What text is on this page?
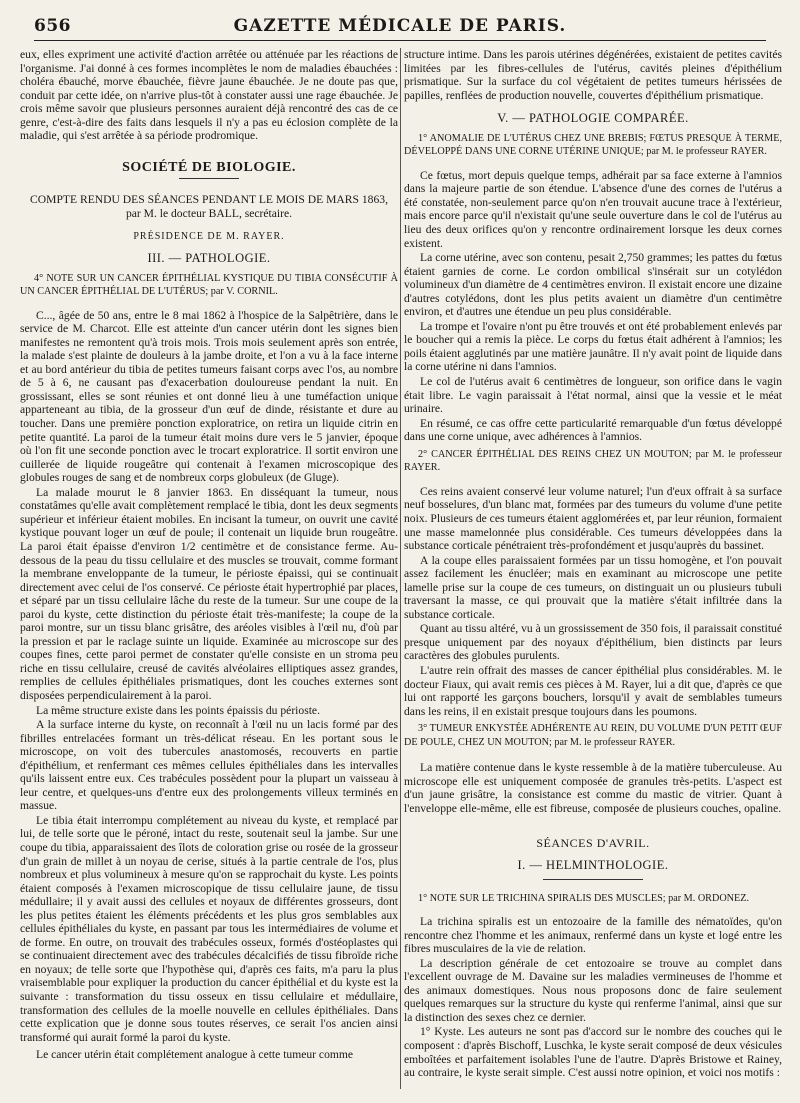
656	GAZETTE MÉDICALE DE PARIS.

eux, elles expriment une activité d'action arrêtée ou atténuée par les réactions de l'organisme. J'ai donné à ces formes incomplètes le nom de maladies ébauchées : choléra ébauché, morve ébauchée, fièvre jaune ébauchée. Je ne doute pas que, conduit par cette idée, on n'arrive plus-tôt à constater aussi une rage ébauchée. Je crois même savoir que plusieurs personnes auraient déjà rencontré des cas de ce genre, c'est-à-dire des faits dans lesquels il n'y a pas eu éclosion complète de la maladie, qui s'est arrêtée à sa période prodromique.

SOCIÉTÉ DE BIOLOGIE.
COMPTE RENDU DES SÉANCES PENDANT LE MOIS DE MARS 1863,
par M. le docteur BALL, secrétaire.
PRÉSIDENCE DE M. RAYER.
III. — PATHOLOGIE.

4° NOTE SUR UN CANCER ÉPITHÉLIAL KYSTIQUE DU TIBIA CONSÉCUTIF À UN CANCER ÉPITHÉLIAL DE L'UTÉRUS; par V. CORNIL.

C..., âgée de 50 ans, entre le 8 mai 1862 à l'hospice de la Salpêtrière, dans le service de M. Charcot. Elle est atteinte d'un cancer utérin dont les signes bien manifestes ne remontent qu'à trois mois. Trois mois seulement après son entrée, la malade s'est plainte de douleurs à la jambe droite, et l'on a vu à la face interne et au bord antérieur du tibia de petites tumeurs faisant corps avec l'os, au nombre de 5 à 6, ne causant pas d'exacerbation douloureuse pendant la nuit. En grossissant, elles se sont réunies et ont donné lieu à une tuméfaction unique apparteneant au tibia, de la grosseur d'un œuf de dinde, résistante et dure au toucher. Dans une première ponction exploratrice, on retira un liquide citrin en petite quantité. La paroi de la tumeur était moins dure vers le 5 janvier, époque où l'on fit une seconde ponction avec le trocart exploratrice. Il sortit environ une cuillerée de liquide rougeâtre qui contenait à l'examen microscopique des globules rouges de sang et de nombreux corps globuleux (de Gluge).

La malade mourut le 8 janvier 1863. En disséquant la tumeur, nous constatâmes qu'elle avait complètement remplacé le tibia, dont les deux segments supérieur et inférieur étaient mobiles. En incisant la tumeur, on ouvrit une cavité kystique pouvant loger un œuf de poule; il contenait un liquide brun rougeâtre. La paroi était épaisse d'environ 1/2 centimètre et de consistance ferme. Au-dessous de la peau du tissu cellulaire et des muscles se trouvait, comme formant la membrane enveloppante de la tumeur, le périoste épaissi, qui se continuait directement avec celui de l'os conservé. Ce périoste était hypertrophié par places, et séparé par un tissu cellulaire lâche du reste de la tumeur. Sur une coupe de la paroi du kyste, cette distinction du périoste était très-manifeste; la coupe de la paroi montre, sur un tissu blanc grisâtre, des aréoles visibles à l'œil nu, d'où par la pression et par le raclage suinte un liquide. Examinée au microscope sur des coupes fines, cette paroi permet de constater qu'elle consiste en un stroma peu riche en tissu cellulaire, creusé de cavités alvéolaires elliptiques assez grandes, remplies de cellules épithéliales prismatiques, dont les couches externes sont disposées perpendiculairement à la paroi.

La même structure existe dans les points épaissis du périoste.

A la surface interne du kyste, on reconnaît à l'œil nu un lacis formé par des fibrilles entrelacées formant un très-délicat réseau. En les portant sous le microscope, on voit des tubercules anastomosés, recouverts en partie d'épithélium, et renfermant ces mêmes cellules épithéliales dans les intervalles qu'ils laissent entre eux. Ces trabécules possèdent pour la plupart un vaisseau à leur centre, et quelques-uns d'entre eux des prolongements villeux terminés en massue.

Le tibia était interrompu complétement au niveau du kyste, et remplacé par lui, de telle sorte que le péroné, intact du reste, soutenait seul la jambe. Sur une coupe du tibia, apparaissaient des îlots de coloration grise ou rosée de la grosseur d'un grain de millet à un noyau de cerise, situés à la partie centrale de l'os, plus nombreux et plus volumineux à mesure qu'on se rapprochait du kyste. Les points étaient composés à l'examen microscopique de tissu cellulaire jaune, de tissu médullaire; il y avait aussi des cellules et noyaux de différentes grosseurs, dont les plus petites étaient les éléments précédents et les plus gros semblables aux cellules épithéliales du kyste, en passant par tous les intermédiaires de volume et de forme. En outre, on trouvait des trabécules osseux, formés d'ostéoplastes qui se continuaient directement avec des trabécules décalcifiés de tissu fibroïde riche en noyaux; de telle sorte que l'hypothèse qui, d'après ces faits, m'a paru la plus vraisemblable pour expliquer la production du cancer épithélial et du kyste est la suivante : transformation du tissu osseux en tissu cellulaire et médullaire, transformation des cellules de la moelle nouvelle en cellules épithéliales. Dans cette explication que je donne sous toutes réserves, ce serait l'os ancien ainsi transformé qui aurait formé la paroi du kyste.

Le cancer utérin était complétement analogue à cette tumeur comme

structure intime. Dans les parois utérines dégénérées, existaient de petites cavités limitées par les fibres-cellules de l'utérus, cavités pleines d'épithélium prismatique. Sur la surface du col végétaient de petites tumeurs hérissées de papilles, renflées de production nouvelle, couvertes d'épithélium prismatique.

V. — PATHOLOGIE COMPARÉE.

1° ANOMALIE DE L'UTÉRUS CHEZ UNE BREBIS; FŒTUS PRESQUE À TERME, DÉVELOPPÉ DANS UNE CORNE UTÉRINE UNIQUE; par M. le professeur RAYER.

Ce fœtus, mort depuis quelque temps, adhérait par sa face externe à l'amnios dans la majeure partie de son étendue. L'absence d'une des cornes de l'utérus a été constatée, non-seulement parce qu'on n'en trouvait aucune trace à l'extérieur, mais encore parce qu'il n'existait qu'une seule ouverture dans le col de l'utérus au lieu des deux orifices qu'on y rencontre ordinairement lorsque les deux cornes existent.

La corne utérine, avec son contenu, pesait 2,750 grammes; les pattes du fœtus étaient garnies de corne. Le cordon ombilical s'insérait sur un cotylédon volumineux d'un diamètre de 4 centimètres environ. Il existait encore une dizaine d'autres cotylédons, dont les plus petits avaient un diamètre d'un centimètre environ, et d'autres une étendue un peu plus considérable.

La trompe et l'ovaire n'ont pu être trouvés et ont été probablement enlevés par le boucher qui a remis la pièce. Le corps du fœtus était adhérent à l'amnios; les poils étaient agglutinés par une matière jaunâtre. Il n'y avait point de liquide dans la corne utérine ni dans l'amnios.

Le col de l'utérus avait 6 centimètres de longueur, son orifice dans le vagin était libre. Le vagin paraissait à l'état normal, ainsi que la vessie et le méat urinaire.

En résumé, ce cas offre cette particularité remarquable d'un fœtus développé dans une corne unique, avec adhérences à l'amnios.

2° CANCER ÉPITHÉLIAL DES REINS CHEZ UN MOUTON; par M. le professeur RAYER.

Ces reins avaient conservé leur volume naturel; l'un d'eux offrait à sa surface neuf bosselures, d'un blanc mat, formées par des tumeurs du volume d'une petite noix. Plusieurs de ces tumeurs étaient agglomérées et, par leur réunion, formaient une masse mamelonnée plus considérable. Ces tumeurs développées dans la substance corticale pénétraient très-profondément et jusqu'auprès du bassinet.

A la coupe elles paraissaient formées par un tissu homogène, et l'on pouvait assez facilement les énucléer; mais en examinant au microscope une petite lamelle prise sur la coupe de ces tumeurs, on distinguait un ou plusieurs tubuli traversant la masse, ce qui prouvait que la matière s'était infiltrée dans la substance corticale.

Quant au tissu altéré, vu à un grossissement de 350 fois, il paraissait constitué presque uniquement par des noyaux d'épithélium, bien distincts par leurs caractères des globules purulents.

L'autre rein offrait des masses de cancer épithélial plus considérables. M. le docteur Fiaux, qui avait remis ces pièces à M. Rayer, lui a dit que, d'après ce que lui ont rapporté les garçons bouchers, lorsqu'il y avait de semblables tumeurs dans les reins, il en existait presque toujours dans les poumons.

3° TUMEUR ENKYSTÉE ADHÉRENTE AU REIN, DU VOLUME D'UN PETIT ŒUF DE POULE, CHEZ UN MOUTON; par M. le professeur RAYER.

La matière contenue dans le kyste ressemble à de la matière tuberculeuse. Au microscope elle est uniquement composée de granules très-petits. L'aspect est d'un jaune grisâtre, la consistance est comme du mastic de vitrier. Quant à l'enveloppe elle-même, elle est fibreuse, composée de plusieurs couches, opaline.

SÉANCES D'AVRIL.
I. — HELMINTHOLOGIE.

1° NOTE SUR LE TRICHINA SPIRALIS DES MUSCLES; par M. ORDONEZ.

La trichina spiralis est un entozoaire de la famille des nématoïdes, qu'on rencontre chez l'homme et les animaux, renfermé dans un kyste et logé entre les fibres musculaires de la vie de relation.

La description générale de cet entozoaire se trouve au complet dans l'excellent ouvrage de M. Davaine sur les maladies vermineuses de l'homme et des animaux domestiques. Nous nous proposons donc de faire seulement quelques remarques sur la structure du kyste qui renferme l'animal, ainsi que sur la distinction des sexes chez ce dernier.

1° Kyste. Les auteurs ne sont pas d'accord sur le nombre des couches qui le composent : d'après Bischoff, Luschka, le kyste serait composé de deux vésicules emboîtées et parfaitement isolables l'une de l'autre. D'après Bristowe et Rainey, au contraire, le kyste serait simple. C'est aussi notre opinion, et voici nos motifs :
